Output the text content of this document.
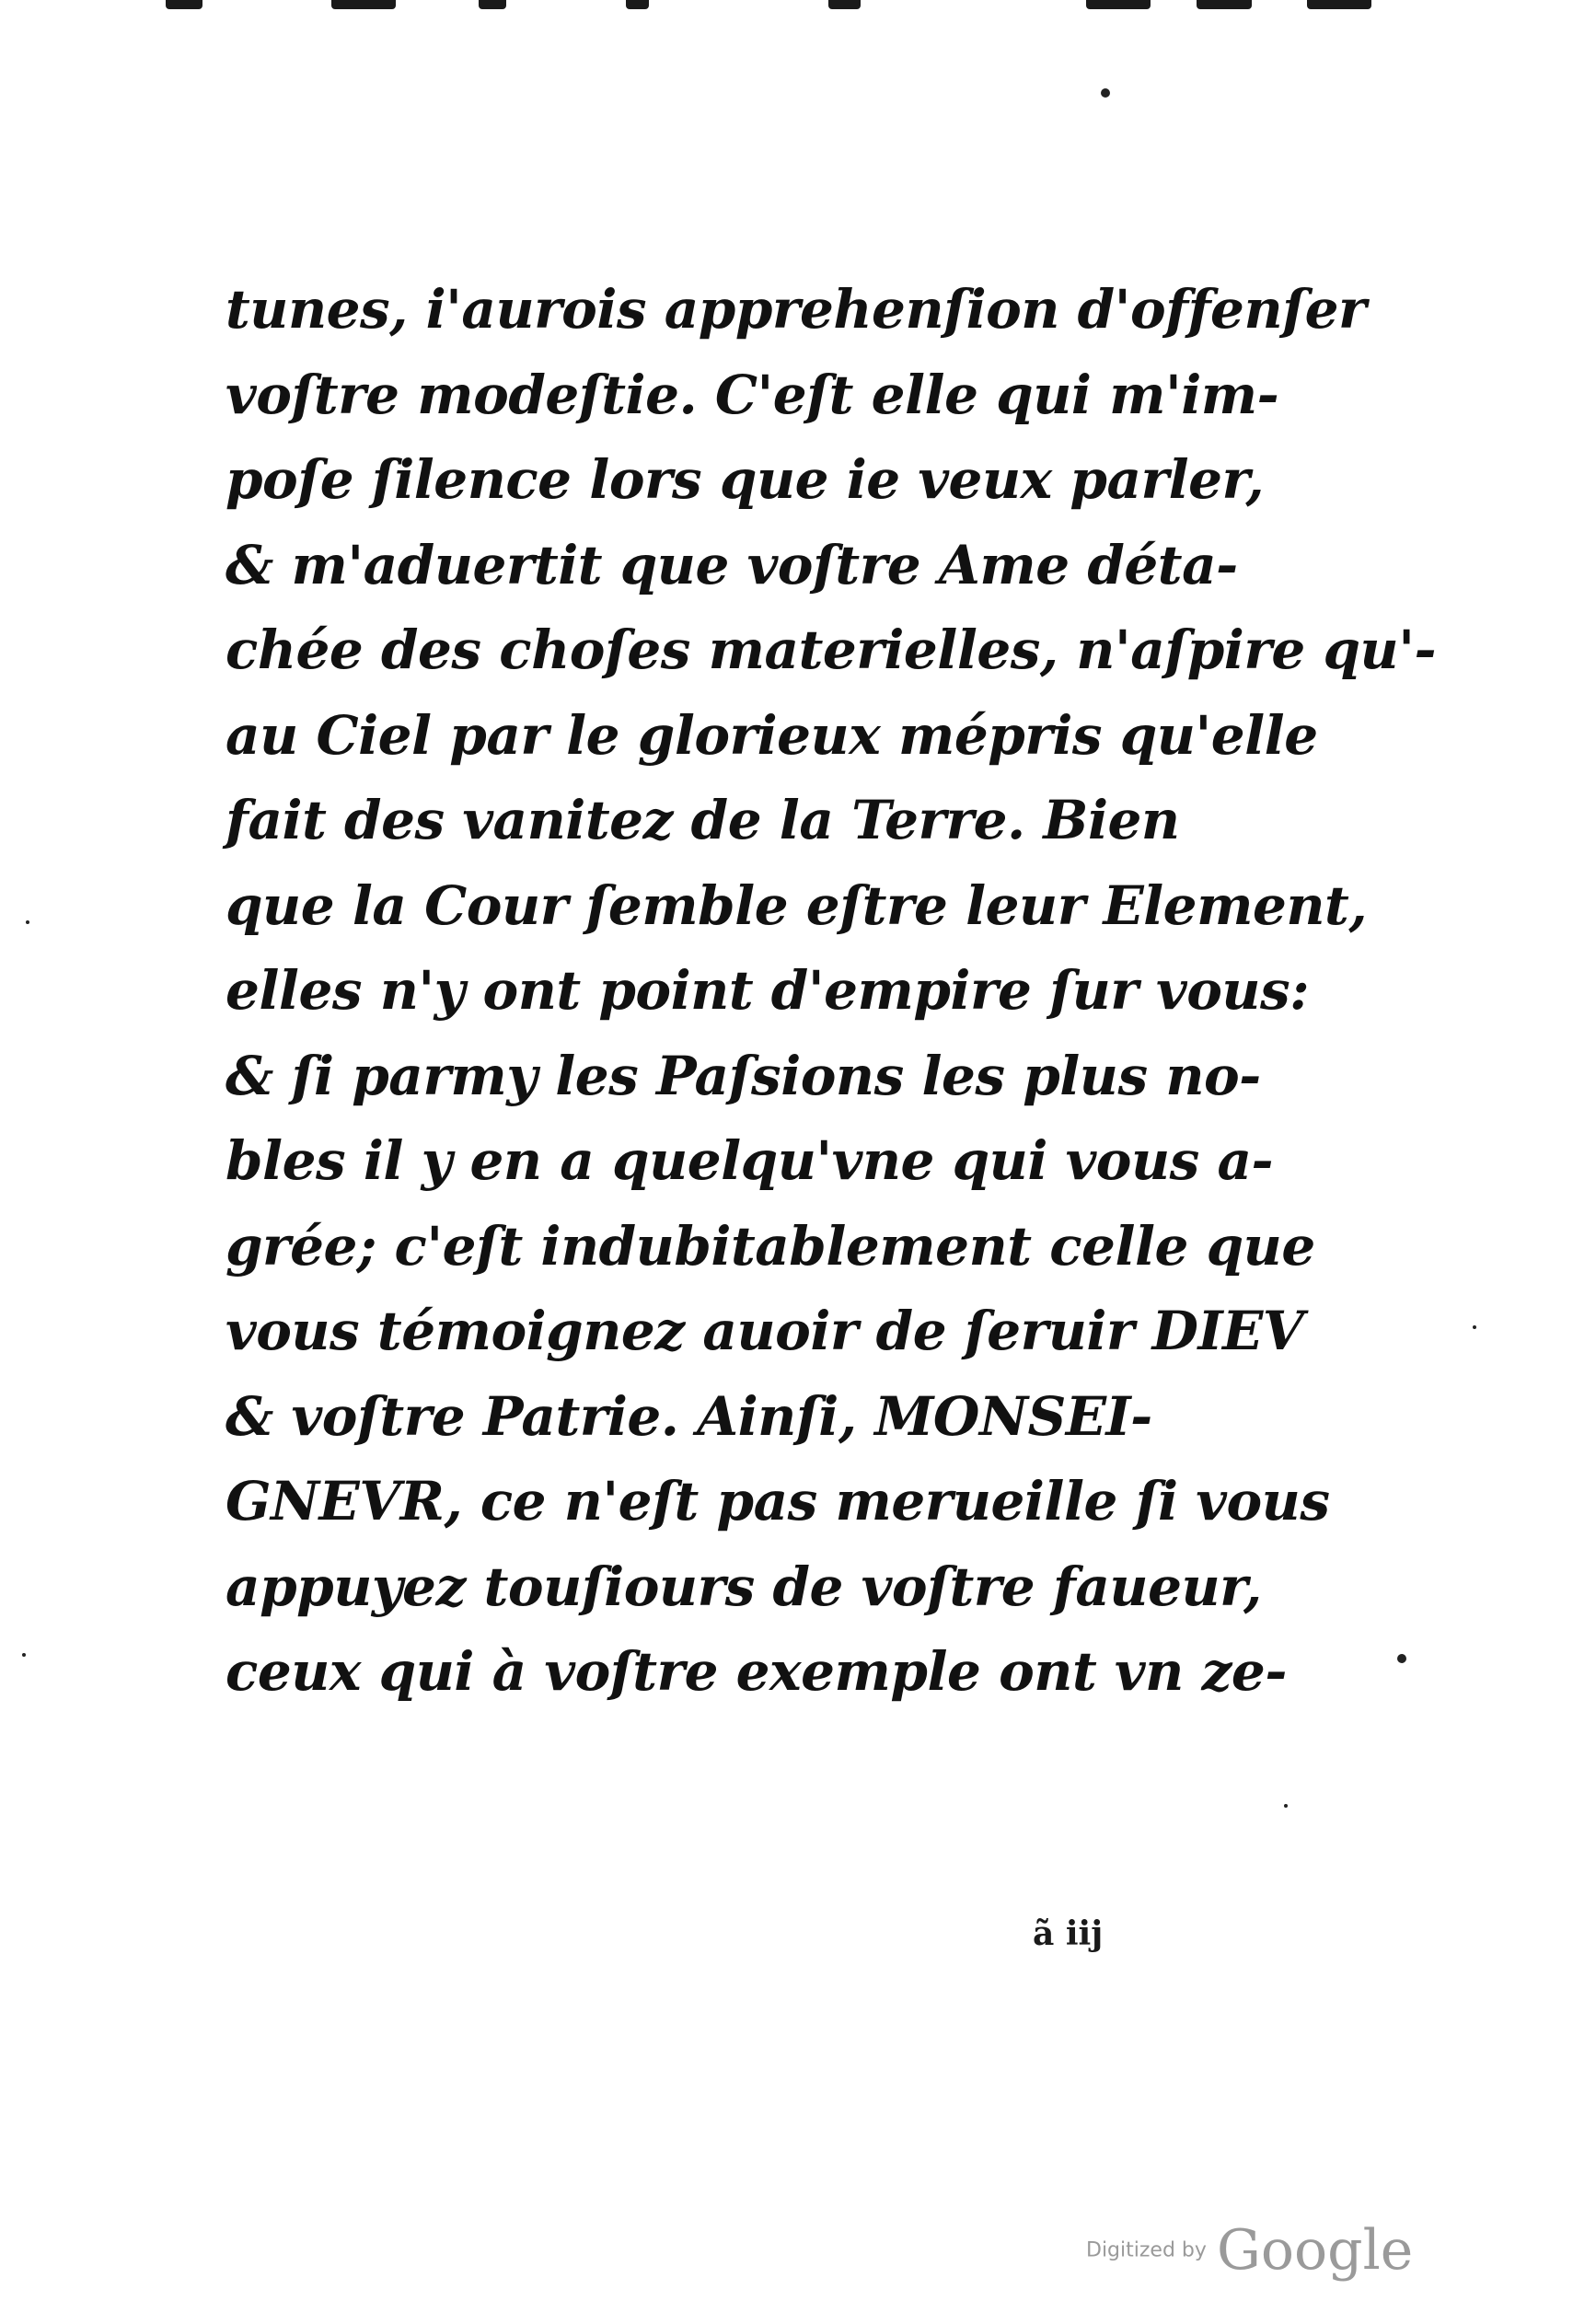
tunes, i'aurois apprehenſion d'offenſer
voſtre modeſtie. C'eſt elle qui m'im-
poſe ſilence lors que ie veux parler,
& m'aduertit que voſtre Ame déta-
chée des choſes materielles, n'aſpire qu'-
au Ciel par le glorieux mépris qu'elle
fait des vanitez de la Terre. Bien
que la Cour ſemble eſtre leur Element,
elles n'y ont point d'empire ſur vous:
& ſi parmy les Paſsions les plus no-
bles il y en a quelqu'vne qui vous a-
grée; c'eſt indubitablement celle que
vous témoignez auoir de ſeruir DIEV
& voſtre Patrie. Ainſi, MONSEI-
GNEVR, ce n'eſt pas merueille ſi vous
appuyez touſiours de voſtre faueur,
ceux qui à voſtre exemple ont vn ze-
ã iij
Digitized by Google
